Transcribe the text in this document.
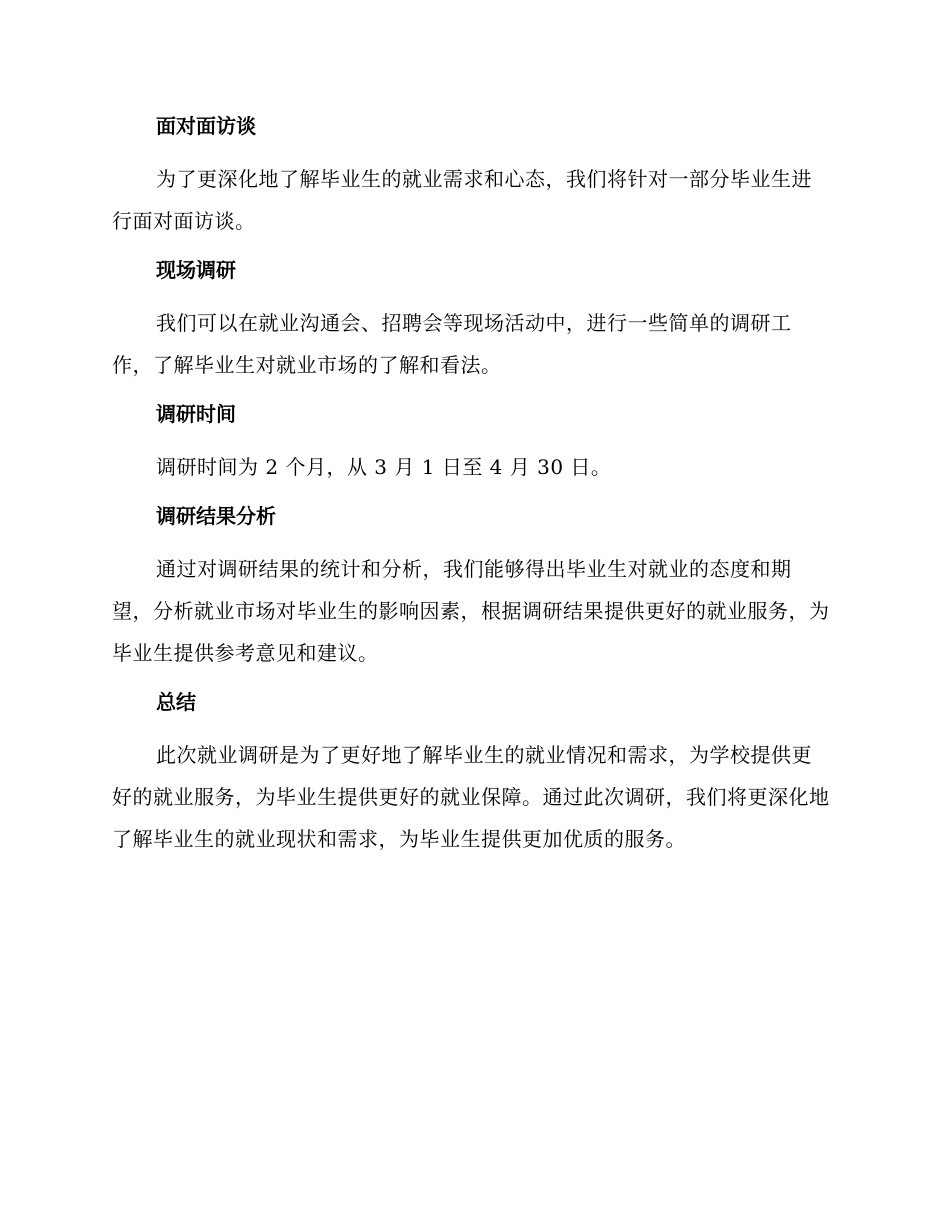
面对面访谈

为了更深化地了解毕业生的就业需求和心态，我们将针对一部分毕业生进行面对面访谈。

现场调研

我们可以在就业沟通会、招聘会等现场活动中，进行一些简单的调研工作，了解毕业生对就业市场的了解和看法。

调研时间

调研时间为 2 个月，从 3 月 1 日至 4 月 30 日。

调研结果分析

通过对调研结果的统计和分析，我们能够得出毕业生对就业的态度和期望，分析就业市场对毕业生的影响因素，根据调研结果提供更好的就业服务，为毕业生提供参考意见和建议。

总结

此次就业调研是为了更好地了解毕业生的就业情况和需求，为学校提供更好的就业服务，为毕业生提供更好的就业保障。通过此次调研，我们将更深化地了解毕业生的就业现状和需求，为毕业生提供更加优质的服务。
